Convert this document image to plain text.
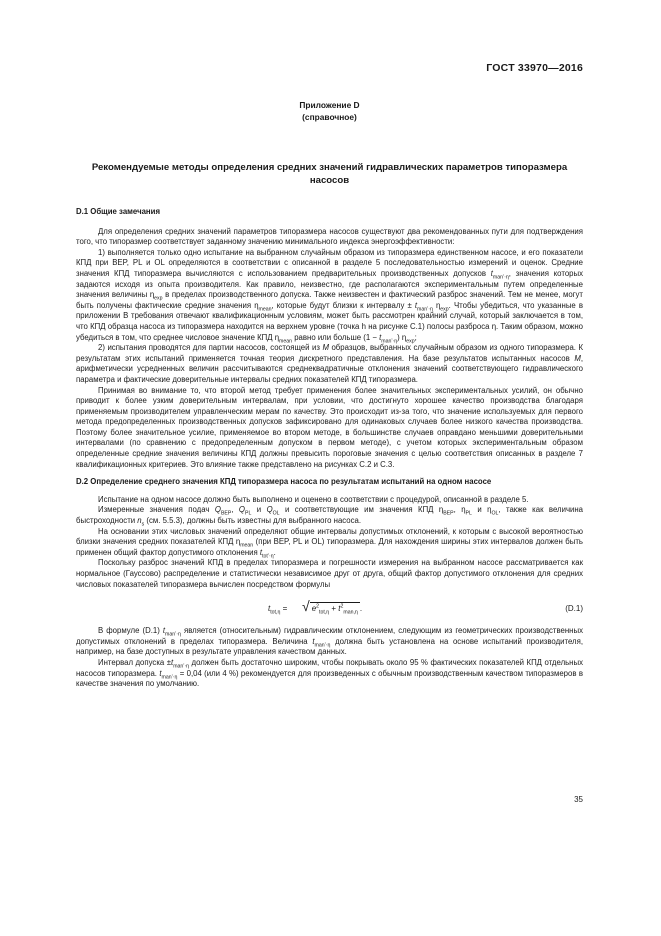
ГОСТ 33970—2016
Приложение D
(справочное)
Рекомендуемые методы определения средних значений гидравлических параметров типоразмера насосов
D.1 Общие замечания

Для определения средних значений параметров типоразмера насосов существуют два рекомендованных пути для подтверждения того, что типоразмер соответствует заданному значению минимального индекса энергоэффективности:

1) выполняется только одно испытание на выбранном случайным образом из типоразмера единственном насосе, и его показатели КПД при BEP, PL и OL определяются в соответствии с описанной в разделе 5 последовательностью измерений и оценок. Средние значения КПД типоразмера вычисляются с использованием предварительных производственных допусков $t_{man’\cdot\eta}$, значения которых задаются исходя из опыта производителя. Как правило, неизвестно, где располагаются экспериментальным путем определенные значения величины $\eta_{exp}$ в пределах производственного допуска. Также неизвестен и фактический разброс значений. Тем не менее, могут быть получены фактические средние значения $\eta_{mean}$, которые будут близки к интервалу ± $t_{man’\cdot\eta}$ $\eta_{exp}$. Чтобы убедиться, что указанные в приложении В требования отвечают квалификационным условиям, может быть рассмотрен крайний случай, который заключается в том, что КПД образца насоса из типоразмера находится на верхнем уровне (точка h на рисунке С.1) полосы разброса η. Таким образом, можно убедиться в том, что среднее числовое значение КПД $\eta_{mean}$ равно или больше $(1 - t_{man’\cdot\eta})$ $\eta_{exp}$;

2) испытания проводятся для партии насосов, состоящей из M образцов, выбранных случайным образом из одного типоразмера. К результатам этих испытаний применяется точная теория дискретного представления. На базе результатов испытанных насосов M, арифметически усредненных величин рассчитываются среднеквадратичные отклонения значений соответствующего гидравлического параметра и фактические доверительные интервалы средних показателей КПД типоразмера.

Принимая во внимание то, что второй метод требует применения более значительных экспериментальных усилий, он обычно приводит к более узким доверительным интервалам, при условии, что достигнуто хорошее качество производства благодаря применяемым производителем управленческим мерам по качеству. Это происходит из-за того, что значение используемых для первого метода предопределенных производственных допусков зафиксировано для одинаковых случаев более низкого качества производства. Поэтому более значительное усилие, применяемое во втором методе, в большинстве случаев оправдано меньшими доверительными интервалами (по сравнению с предопределенным допуском в первом методе), с учетом которых экспериментальным образом определенные средние значения величины КПД должны превысить пороговые значения с целью соответствия описанных в разделе 7 квалификационных критериев. Это влияние также представлено на рисунках С.2 и С.3.

D.2 Определение среднего значения КПД типоразмера насоса по результатам испытаний на одном насосе

Испытание на одном насосе должно быть выполнено и оценено в соответствии с процедурой, описанной в разделе 5.

Измеренные значения подач $Q_{BEP}$, $Q_{PL}$ и $Q_{OL}$ и соответствующие им значения КПД $\eta_{BEP}$, $\eta_{PL}$ и $\eta_{OL}$, также как величина быстроходности $n_s$ (см. 5.5.3), должны быть известны для выбранного насоса.

На основании этих числовых значений определяют общие интервалы допустимых отклонений, к которым с высокой вероятностью близки значения средних показателей КПД $\eta_{mean}$ (при BEP, PL и OL) типоразмера. Для нахождения ширины этих интервалов должен быть применен общий фактор допустимого отклонения $t_{tot’\cdot\eta}$.

Поскольку разброс значений КПД в пределах типоразмера и погрешности измерения на выбранном насосе рассматривается как нормальное (Гауссово) распределение и статистически независимое друг от друга, общий фактор допустимого отклонения для средних числовых показателей типоразмера вычислен посредством формулы

$t_{tot,\eta}$ = √ $e^2_{tot,\eta} + t^2_{man,\eta}$ .	(D.1)

В формуле (D.1) $t_{man’\cdot\eta}$ является (относительным) гидравлическим отклонением, следующим из геометрических производственных допустимых отклонений в пределах типоразмера. Величина $t_{man’\cdot\eta}$ должна быть установлена на основе испытаний производителя, например, на базе доступных в результате управления качеством данных.

Интервал допуска $\pm t_{man’\cdot\eta}$ должен быть достаточно широким, чтобы покрывать около 95 % фактических показателей КПД отдельных насосов типоразмера. $t_{man’\cdot\eta} = 0,04$ (или 4 %) рекомендуется для произведенных с обычным производственным качеством типоразмеров в качестве значения по умолчанию.

35
